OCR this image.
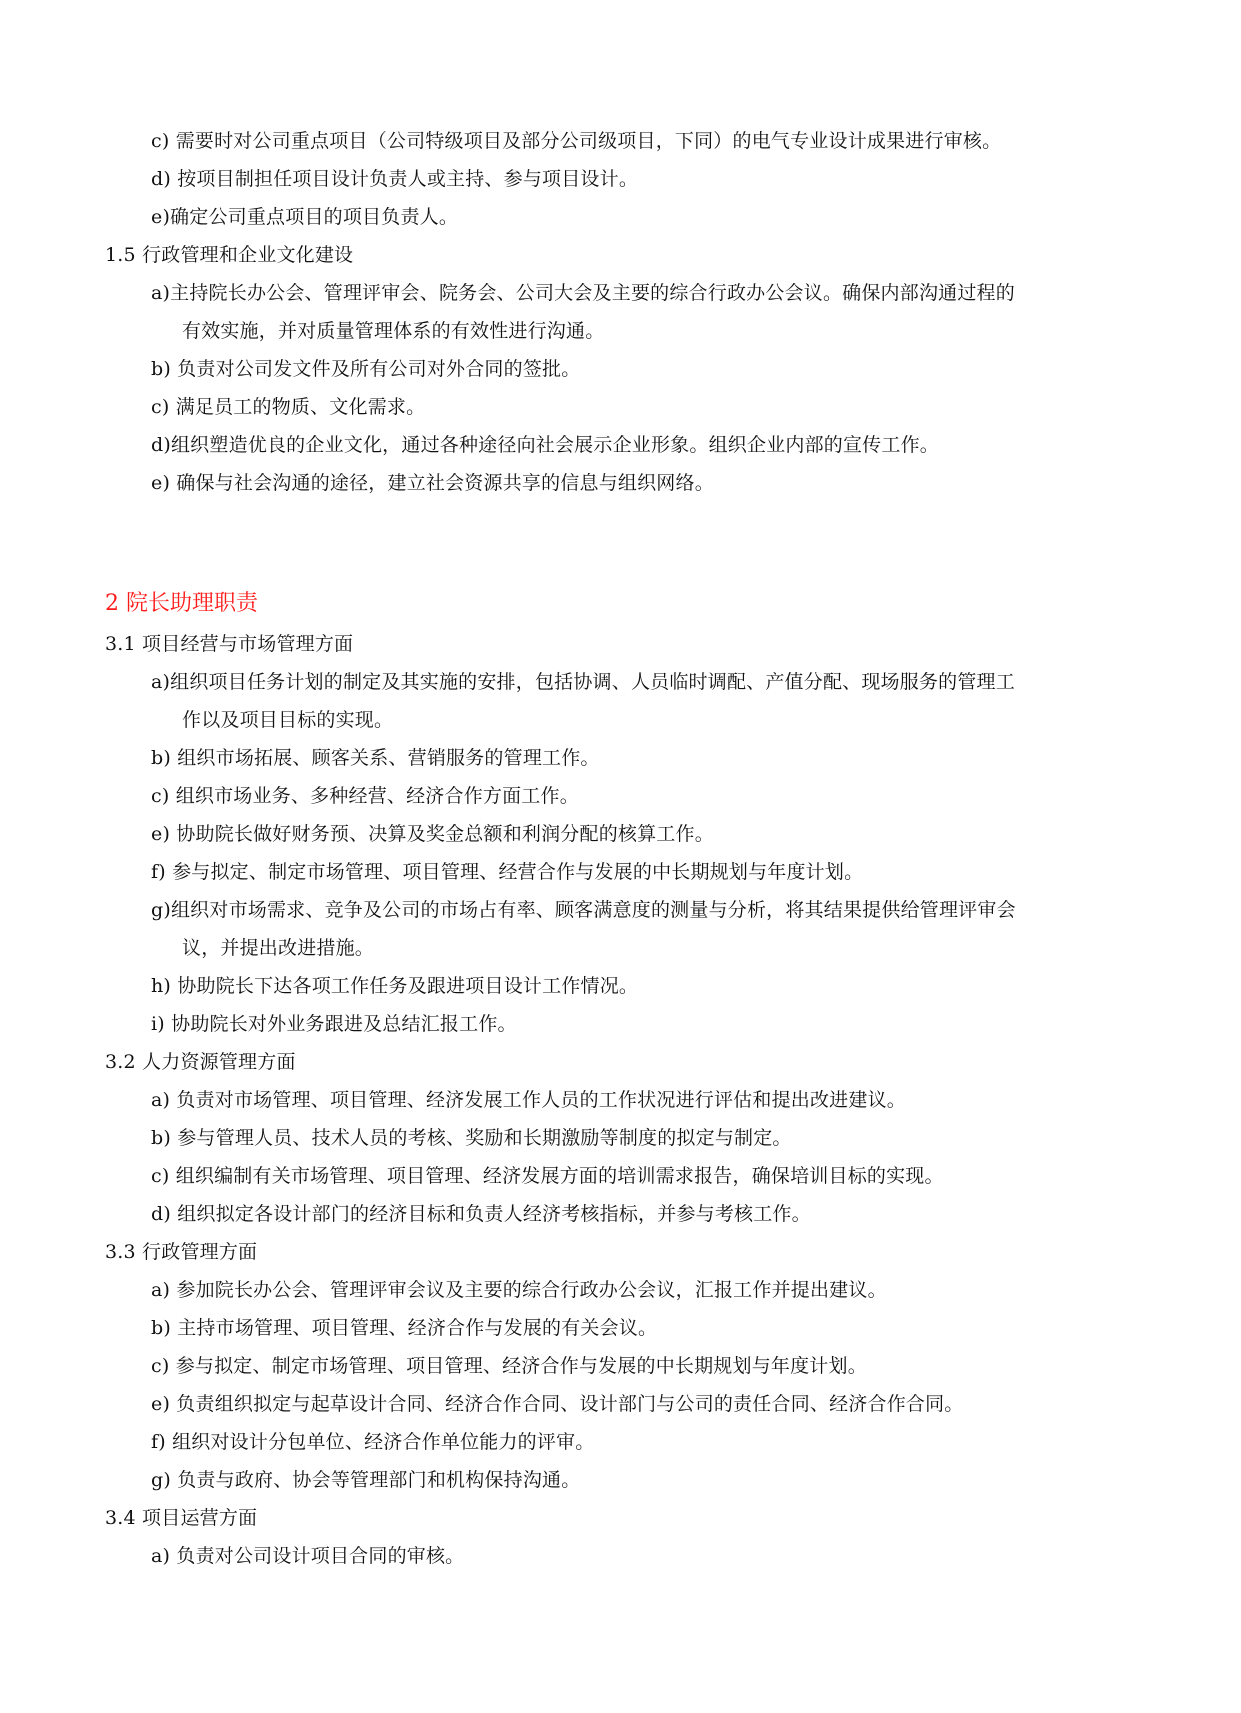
c) 需要时对公司重点项目（公司特级项目及部分公司级项目，下同）的电气专业设计成果进行审核。
d) 按项目制担任项目设计负责人或主持、参与项目设计。
e)确定公司重点项目的项目负责人。
1.5 行政管理和企业文化建设
a)主持院长办公会、管理评审会、院务会、公司大会及主要的综合行政办公会议。确保内部沟通过程的
有效实施，并对质量管理体系的有效性进行沟通。
b) 负责对公司发文件及所有公司对外合同的签批。
c) 满足员工的物质、文化需求。
d)组织塑造优良的企业文化，通过各种途径向社会展示企业形象。组织企业内部的宣传工作。
e) 确保与社会沟通的途径，建立社会资源共享的信息与组织网络。
2 院长助理职责
3.1 项目经营与市场管理方面
a)组织项目任务计划的制定及其实施的安排，包括协调、人员临时调配、产值分配、现场服务的管理工
作以及项目目标的实现。
b) 组织市场拓展、顾客关系、营销服务的管理工作。
c) 组织市场业务、多种经营、经济合作方面工作。
e) 协助院长做好财务预、决算及奖金总额和利润分配的核算工作。
f) 参与拟定、制定市场管理、项目管理、经营合作与发展的中长期规划与年度计划。
g)组织对市场需求、竞争及公司的市场占有率、顾客满意度的测量与分析，将其结果提供给管理评审会
议，并提出改进措施。
h) 协助院长下达各项工作任务及跟进项目设计工作情况。
i) 协助院长对外业务跟进及总结汇报工作。
3.2 人力资源管理方面
a) 负责对市场管理、项目管理、经济发展工作人员的工作状况进行评估和提出改进建议。
b) 参与管理人员、技术人员的考核、奖励和长期激励等制度的拟定与制定。
c) 组织编制有关市场管理、项目管理、经济发展方面的培训需求报告，确保培训目标的实现。
d) 组织拟定各设计部门的经济目标和负责人经济考核指标，并参与考核工作。
3.3 行政管理方面
a) 参加院长办公会、管理评审会议及主要的综合行政办公会议，汇报工作并提出建议。
b) 主持市场管理、项目管理、经济合作与发展的有关会议。
c) 参与拟定、制定市场管理、项目管理、经济合作与发展的中长期规划与年度计划。
e) 负责组织拟定与起草设计合同、经济合作合同、设计部门与公司的责任合同、经济合作合同。
f) 组织对设计分包单位、经济合作单位能力的评审。
g) 负责与政府、协会等管理部门和机构保持沟通。
3.4 项目运营方面
a) 负责对公司设计项目合同的审核。
